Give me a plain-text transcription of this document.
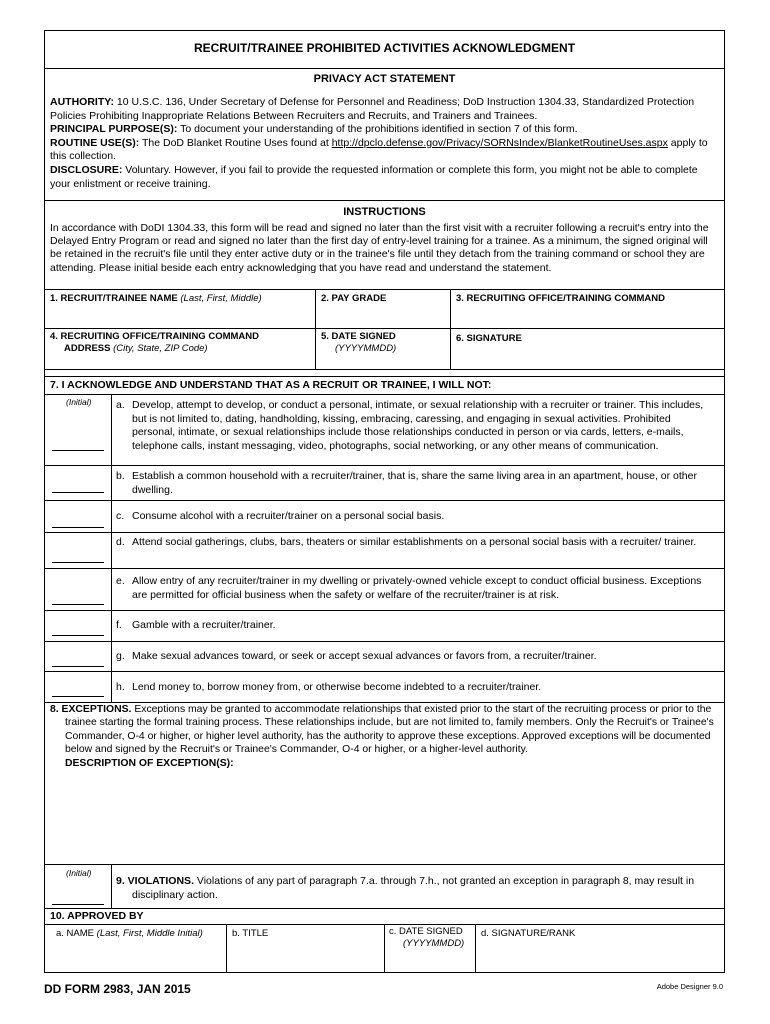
RECRUIT/TRAINEE PROHIBITED ACTIVITIES ACKNOWLEDGMENT
PRIVACY ACT STATEMENT
AUTHORITY: 10 U.S.C. 136, Under Secretary of Defense for Personnel and Readiness; DoD Instruction 1304.33, Standardized Protection Policies Prohibiting Inappropriate Relations Between Recruiters and Recruits, and Trainers and Trainees.
PRINCIPAL PURPOSE(S): To document your understanding of the prohibitions identified in section 7 of this form.
ROUTINE USE(S): The DoD Blanket Routine Uses found at http://dpclo.defense.gov/Privacy/SORNsIndex/BlanketRoutineUses.aspx apply to this collection.
DISCLOSURE: Voluntary. However, if you fail to provide the requested information or complete this form, you might not be able to complete your enlistment or receive training.
INSTRUCTIONS
In accordance with DoDI 1304.33, this form will be read and signed no later than the first visit with a recruiter following a recruit's entry into the Delayed Entry Program or read and signed no later than the first day of entry-level training for a trainee. As a minimum, the signed original will be retained in the recruit's file until they enter active duty or in the trainee's file until they detach from the training command or school they are attending. Please initial beside each entry acknowledging that you have read and understand the statement.
1. RECRUIT/TRAINEE NAME (Last, First, Middle)	2. PAY GRADE	3. RECRUITING OFFICE/TRAINING COMMAND
4. RECRUITING OFFICE/TRAINING COMMAND
ADDRESS (City, State, ZIP Code)
5. DATE SIGNED
(YYYYMMDD)
6. SIGNATURE
7. I ACKNOWLEDGE AND UNDERSTAND THAT AS A RECRUIT OR TRAINEE, I WILL NOT:
(Initial) a. Develop, attempt to develop, or conduct a personal, intimate, or sexual relationship with a recruiter or trainer. This includes, but is not limited to, dating, handholding, kissing, embracing, caressing, and engaging in sexual activities. Prohibited personal, intimate, or sexual relationships include those relationships conducted in person or via cards, letters, e-mails, telephone calls, instant messaging, video, photographs, social networking, or any other means of communication.
b. Establish a common household with a recruiter/trainer, that is, share the same living area in an apartment, house, or other dwelling.
c. Consume alcohol with a recruiter/trainer on a personal social basis.
d. Attend social gatherings, clubs, bars, theaters or similar establishments on a personal social basis with a recruiter/ trainer.
e. Allow entry of any recruiter/trainer in my dwelling or privately-owned vehicle except to conduct official business. Exceptions are permitted for official business when the safety or welfare of the recruiter/trainer is at risk.
f. Gamble with a recruiter/trainer.
g. Make sexual advances toward, or seek or accept sexual advances or favors from, a recruiter/trainer.
h. Lend money to, borrow money from, or otherwise become indebted to a recruiter/trainer.
8. EXCEPTIONS. Exceptions may be granted to accommodate relationships that existed prior to the start of the recruiting process or prior to the trainee starting the formal training process. These relationships include, but are not limited to, family members. Only the Recruit's or Trainee's Commander, O-4 or higher, or higher level authority, has the authority to approve these exceptions. Approved exceptions will be documented below and signed by the Recruit's or Trainee's Commander, O-4 or higher, or a higher-level authority.
DESCRIPTION OF EXCEPTION(S):
(Initial)
9. VIOLATIONS. Violations of any part of paragraph 7.a. through 7.h., not granted an exception in paragraph 8, may result in disciplinary action.
10. APPROVED BY
a. NAME (Last, First, Middle Initial)	b. TITLE	c. DATE SIGNED
(YYYYMMDD)
d. SIGNATURE/RANK
DD FORM 2983, JAN 2015	Adobe Designer 9.0
